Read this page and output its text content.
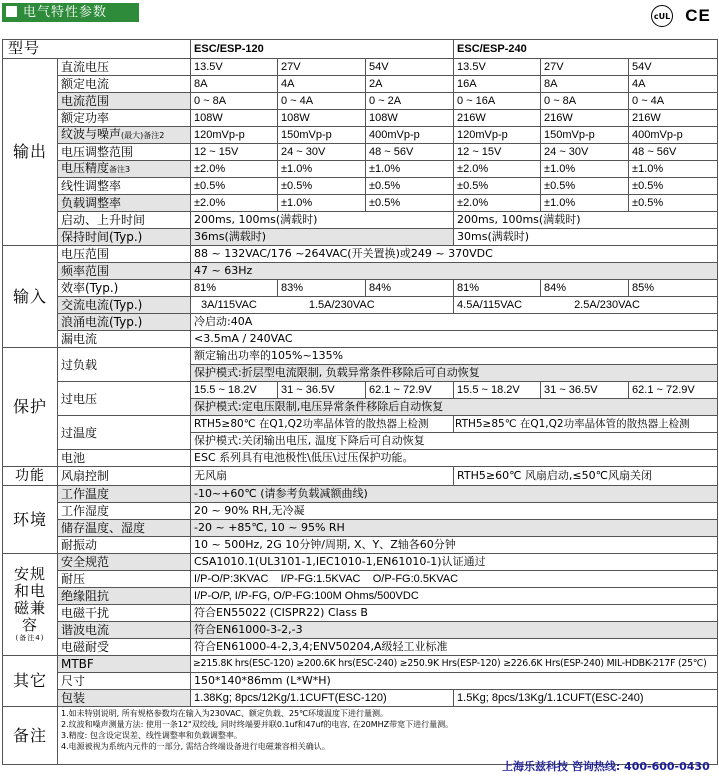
电气特性参数	cUL CE
型号		ESC/ESP-120			ESC/ESP-240		
输出	直流电压	13.5V	27V	54V	13.5V	27V	54V
	额定电流	8A	4A	2A	16A	8A	4A
	电流范围	0 ~ 8A	0 ~ 4A	0 ~ 2A	0 ~ 16A	0 ~ 8A	0 ~ 4A
	额定功率	108W	108W	108W	216W	216W	216W
	纹波与噪声(最大)备注2	120mVp-p	150mVp-p	400mVp-p	120mVp-p	150mVp-p	400mVp-p
	电压调整范围	12 ~ 15V	24 ~ 30V	48 ~ 56V	12 ~ 15V	24 ~ 30V	48 ~ 56V
	电压精度备注3	±2.0%	±1.0%	±1.0%	±2.0%	±1.0%	±1.0%
	线性调整率	±0.5%	±0.5%	±0.5%	±0.5%	±0.5%	±0.5%
	负载调整率	±2.0%	±1.0%	±0.5%	±2.0%	±1.0%	±0.5%
	启动、上升时间	200ms, 100ms(满载时)			200ms, 100ms(满载时)		
	保持时间(Typ.)	36ms(满载时)			30ms(满载时)		
输入	电压范围	88 ~ 132VAC/176 ~264VAC(开关置换)或249 ~ 370VDC					
	频率范围	47 ~ 63Hz					
	效率(Typ.)	81%	83%	84%	81%	84%	85%
	交流电流(Typ.)	3A/115VAC 1.5A/230VAC			4.5A/115VAC 2.5A/230VAC		
	浪涌电流(Typ.)	冷启动:40A					
	漏电流	<3.5mA / 240VAC					
保护	过负载	额定输出功率的105%~135%					
		保护模式:折层型电流限制, 负载异常条件移除后可自动恢复					
	过电压	15.5 ~ 18.2V	31 ~ 36.5V	62.1 ~ 72.9V	15.5 ~ 18.2V	31 ~ 36.5V	62.1 ~ 72.9V
		保护模式:定电压限制,电压异常条件移除后自动恢复					
	过温度	RTH5≥80℃ 在Q1,Q2功率晶体管的散热器上检测			RTH5≥85℃ 在Q1,Q2功率晶体管的散热器上检测		
		保护模式:关闭输出电压, 温度下降后可自动恢复					
	电池	ESC 系列具有电池极性\低压\过压保护功能。					
功能	风扇控制	无风扇			RTH5≥60℃ 风扇启动,≤50℃风扇关闭		
环境	工作温度	-10~+60℃ (请参考负载减额曲线)					
	工作湿度	20 ~ 90% RH,无冷凝					
	储存温度、湿度	-20 ~ +85℃, 10 ~ 95% RH					
	耐振动	10 ~ 500Hz, 2G 10分钟/周期, X、Y、Z轴各60分钟					
安规和电磁兼容
(备注4)	安全规范	CSA1010.1(UL3101-1,IEC1010-1,EN61010-1)认证通过					
	耐压	I/P-O/P:3KVAC    I/P-FG:1.5KVAC    O/P-FG:0.5KVAC					
	绝缘阻抗	I/P-O/P, I/P-FG, O/P-FG:100M Ohms/500VDC					
	电磁干扰	符合EN55022 (CISPR22) Class B					
	谐波电流	符合EN61000-3-2,-3					
	电磁耐受	符合EN61000-4-2,3,4;ENV50204,A级轻工业标准					
其它	MTBF	≥215.8K hrs(ESC-120) ≥200.6K hrs(ESC-240) ≥250.9K Hrs(ESP-120) ≥226.6K Hrs(ESP-240) MIL-HDBK-217F (25℃)					
	尺寸	150*140*86mm (L*W*H)					
	包装	1.38Kg; 8pcs/12Kg/1.1CUFT(ESC-120)			1.5Kg; 8pcs/13Kg/1.1CUFT(ESC-240)		
备注	1.如未特别说明, 所有规格参数均在输入为230VAC、额定负载、25℃环境温度下进行量测。
2.纹波和噪声测量方法: 使用一条12"双绞线, 同时终端要并联0.1uf和47uf的电容, 在20MHZ带宽下进行量测。
3.精度: 包含设定误差、线性调整率和负载调整率。
4.电源被视为系统内元件的一部分, 需结合终端设备进行电磁兼容相关确认。						
上海乐兹科技 咨询热线: 400-600-0430
